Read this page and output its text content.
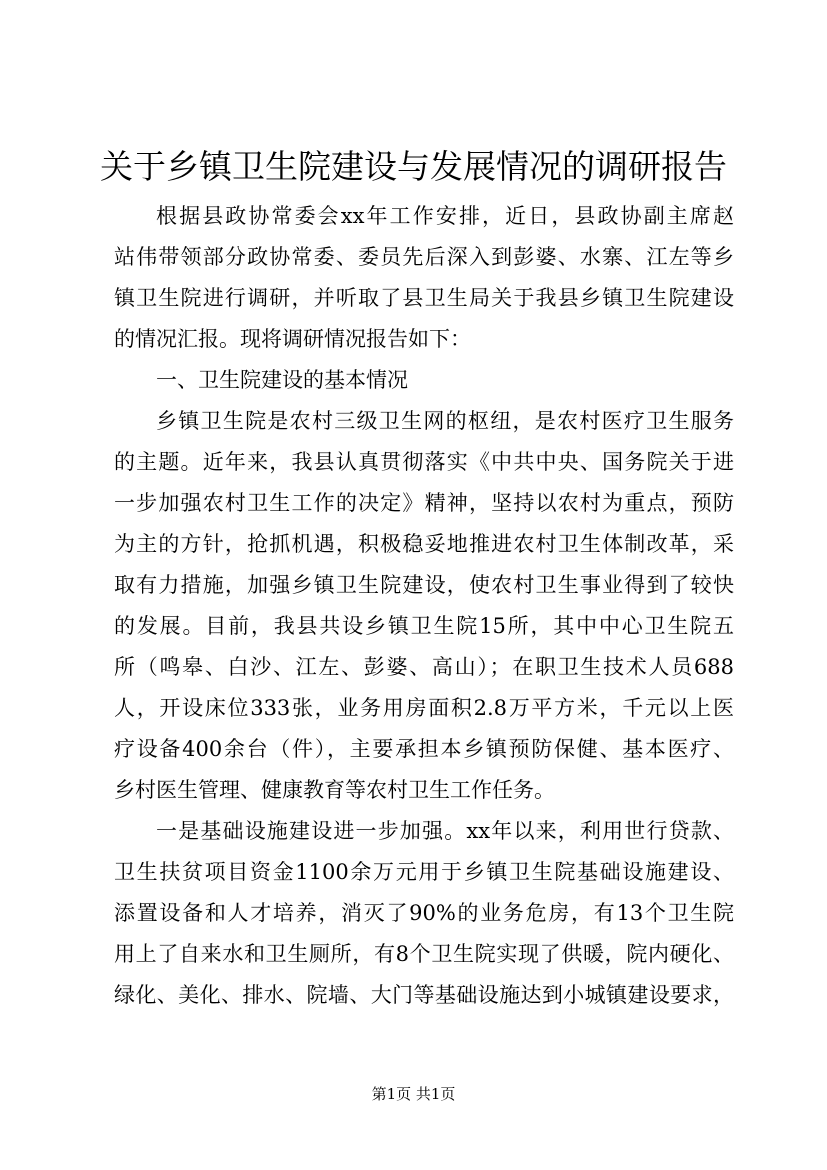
关于乡镇卫生院建设与发展情况的调研报告
根据县政协常委会xx年工作安排，近日，县政协副主席赵
站伟带领部分政协常委、委员先后深入到彭婆、水寨、江左等乡
镇卫生院进行调研，并听取了县卫生局关于我县乡镇卫生院建设
的情况汇报。现将调研情况报告如下：
一、卫生院建设的基本情况
乡镇卫生院是农村三级卫生网的枢纽，是农村医疗卫生服务
的主题。近年来，我县认真贯彻落实《中共中央、国务院关于进
一步加强农村卫生工作的决定》精神，坚持以农村为重点，预防
为主的方针，抢抓机遇，积极稳妥地推进农村卫生体制改革，采
取有力措施，加强乡镇卫生院建设，使农村卫生事业得到了较快
的发展。目前，我县共设乡镇卫生院15所，其中中心卫生院五
所（鸣皋、白沙、江左、彭婆、高山）；在职卫生技术人员688
人，开设床位333张，业务用房面积2.8万平方米，千元以上医
疗设备400余台（件），主要承担本乡镇预防保健、基本医疗、
乡村医生管理、健康教育等农村卫生工作任务。
一是基础设施建设进一步加强。xx年以来，利用世行贷款、
卫生扶贫项目资金1100余万元用于乡镇卫生院基础设施建设、
添置设备和人才培养，消灭了90%的业务危房，有13个卫生院
用上了自来水和卫生厕所，有8个卫生院实现了供暖，院内硬化、
绿化、美化、排水、院墙、大门等基础设施达到小城镇建设要求，
第1页 共1页
